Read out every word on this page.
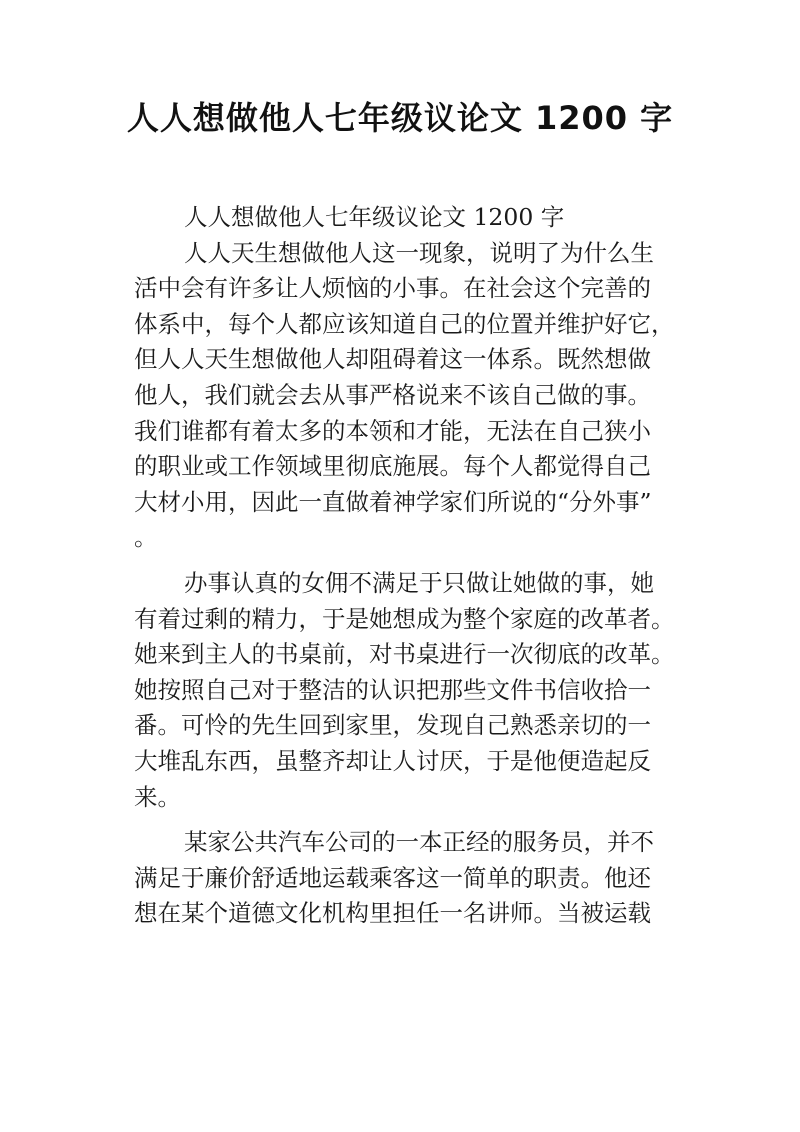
人人想做他人七年级议论文 1200 字
人人想做他人七年级议论文 1200 字
人人天生想做他人这一现象，说明了为什么生
活中会有许多让人烦恼的小事。在社会这个完善的
体系中，每个人都应该知道自己的位置并维护好它，
但人人天生想做他人却阻碍着这一体系。既然想做
他人，我们就会去从事严格说来不该自己做的事。
我们谁都有着太多的本领和才能，无法在自己狭小
的职业或工作领域里彻底施展。每个人都觉得自己
大材小用，因此一直做着神学家们所说的“分外事”
。
办事认真的女佣不满足于只做让她做的事，她
有着过剩的精力，于是她想成为整个家庭的改革者。
她来到主人的书桌前，对书桌进行一次彻底的改革。
她按照自己对于整洁的认识把那些文件书信收拾一
番。可怜的先生回到家里，发现自己熟悉亲切的一
大堆乱东西，虽整齐却让人讨厌，于是他便造起反
来。
某家公共汽车公司的一本正经的服务员，并不
满足于廉价舒适地运载乘客这一简单的职责。他还
想在某个道德文化机构里担任一名讲师。当被运载
